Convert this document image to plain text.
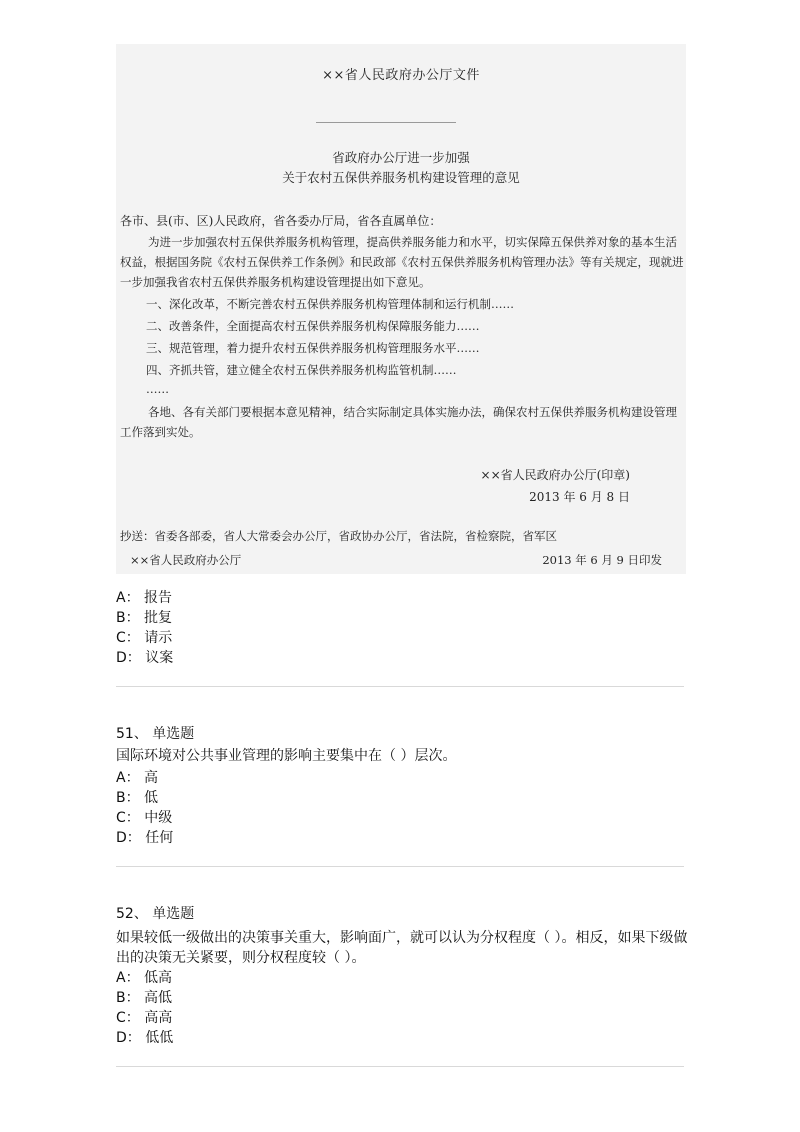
××省人民政府办公厅文件
省政府办公厅进一步加强
关于农村五保供养服务机构建设管理的意见
各市、县(市、区)人民政府，省各委办厅局，省各直属单位：
为进一步加强农村五保供养服务机构管理，提高供养服务能力和水平，切实保障五保供养对象的基本生活权益，根据国务院《农村五保供养工作条例》和民政部《农村五保供养服务机构管理办法》等有关规定，现就进一步加强我省农村五保供养服务机构建设管理提出如下意见。
一、深化改革，不断完善农村五保供养服务机构管理体制和运行机制……
二、改善条件，全面提高农村五保供养服务机构保障服务能力……
三、规范管理，着力提升农村五保供养服务机构管理服务水平……
四、齐抓共管，建立健全农村五保供养服务机构监管机制……
……
各地、各有关部门要根据本意见精神，结合实际制定具体实施办法，确保农村五保供养服务机构建设管理工作落到实处。
××省人民政府办公厅(印章)
2013 年 6 月 8 日
抄送：省委各部委，省人大常委会办公厅，省政协办公厅，省法院，省检察院，省军区
××省人民政府办公厅	2013 年 6 月 9 日印发
A： 报告
B： 批复
C： 请示
D： 议案
51、 单选题
国际环境对公共事业管理的影响主要集中在（ ）层次。
A： 高
B： 低
C： 中级
D： 任何
52、 单选题
如果较低一级做出的决策事关重大，影响面广，就可以认为分权程度（ ）。相反，如果下级做出的决策无关紧要，则分权程度较（ ）。
A： 低高
B： 高低
C： 高高
D： 低低
